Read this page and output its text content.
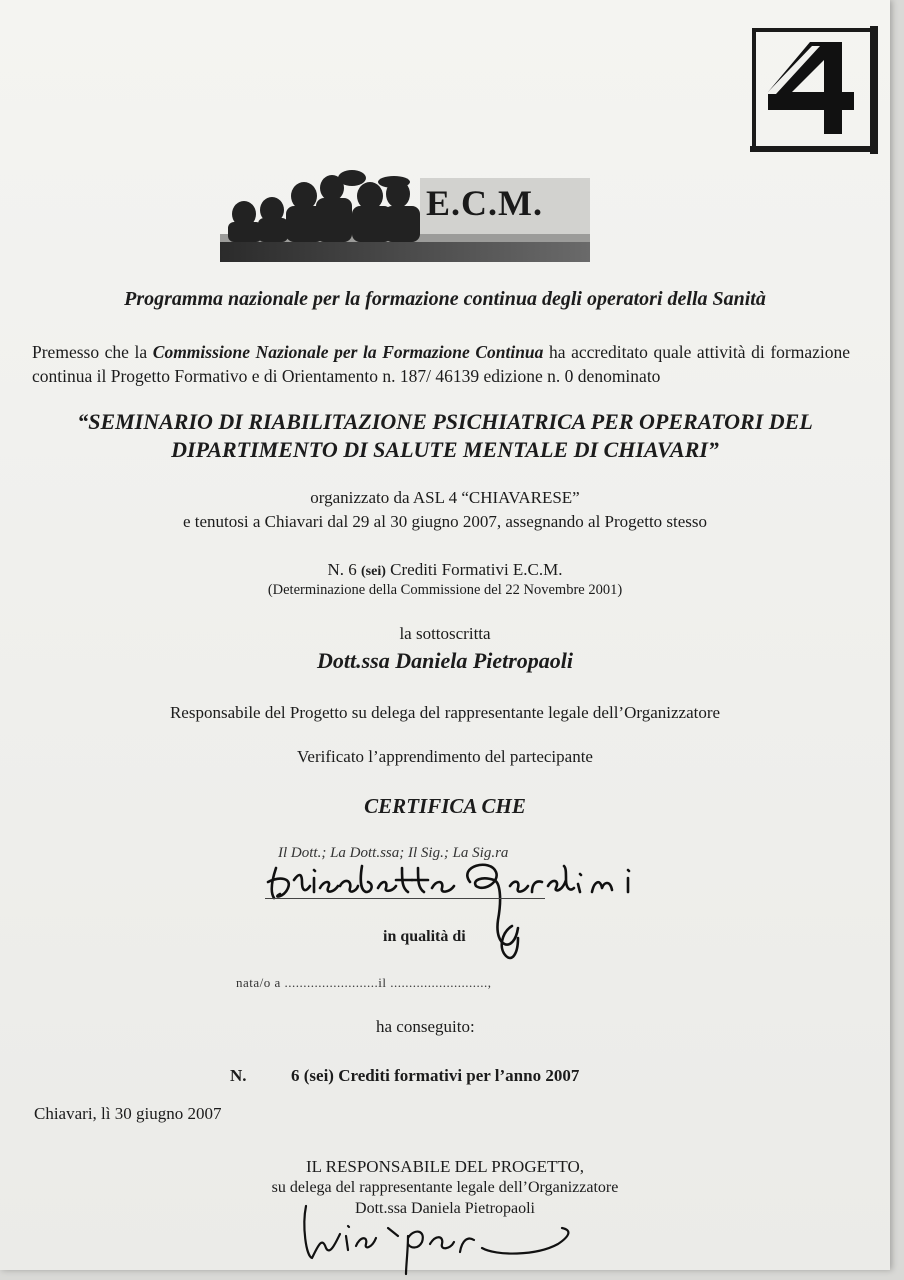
E.C.M.
Programma nazionale per la formazione continua degli operatori della Sanità
Premesso che la Commissione Nazionale per la Formazione Continua ha accreditato quale attività di formazione continua il Progetto Formativo e di Orientamento n. 187/ 46139 edizione n. 0 denominato
“SEMINARIO DI RIABILITAZIONE PSICHIATRICA PER OPERATORI DEL
DIPARTIMENTO DI SALUTE MENTALE DI CHIAVARI”
organizzato da ASL 4 “CHIAVARESE”
e tenutosi a Chiavari dal 29 al 30 giugno 2007, assegnando al Progetto stesso
N. 6 (sei) Crediti Formativi E.C.M.
(Determinazione della Commissione del 22 Novembre 2001)
la sottoscritta
Dott.ssa Daniela Pietropaoli
Responsabile del Progetto su delega del rappresentante legale dell’Organizzatore
Verificato l’apprendimento del partecipante
CERTIFICA CHE
Il Dott.; La Dott.ssa; Il Sig.; La Sig.ra
in qualità di
nata/o a .........................il ..........................,
ha conseguito:
N.	6 (sei) Crediti formativi per l’anno 2007
Chiavari, lì 30 giugno 2007
IL RESPONSABILE DEL PROGETTO,
su delega del rappresentante legale dell’Organizzatore
Dott.ssa Daniela Pietropaoli
